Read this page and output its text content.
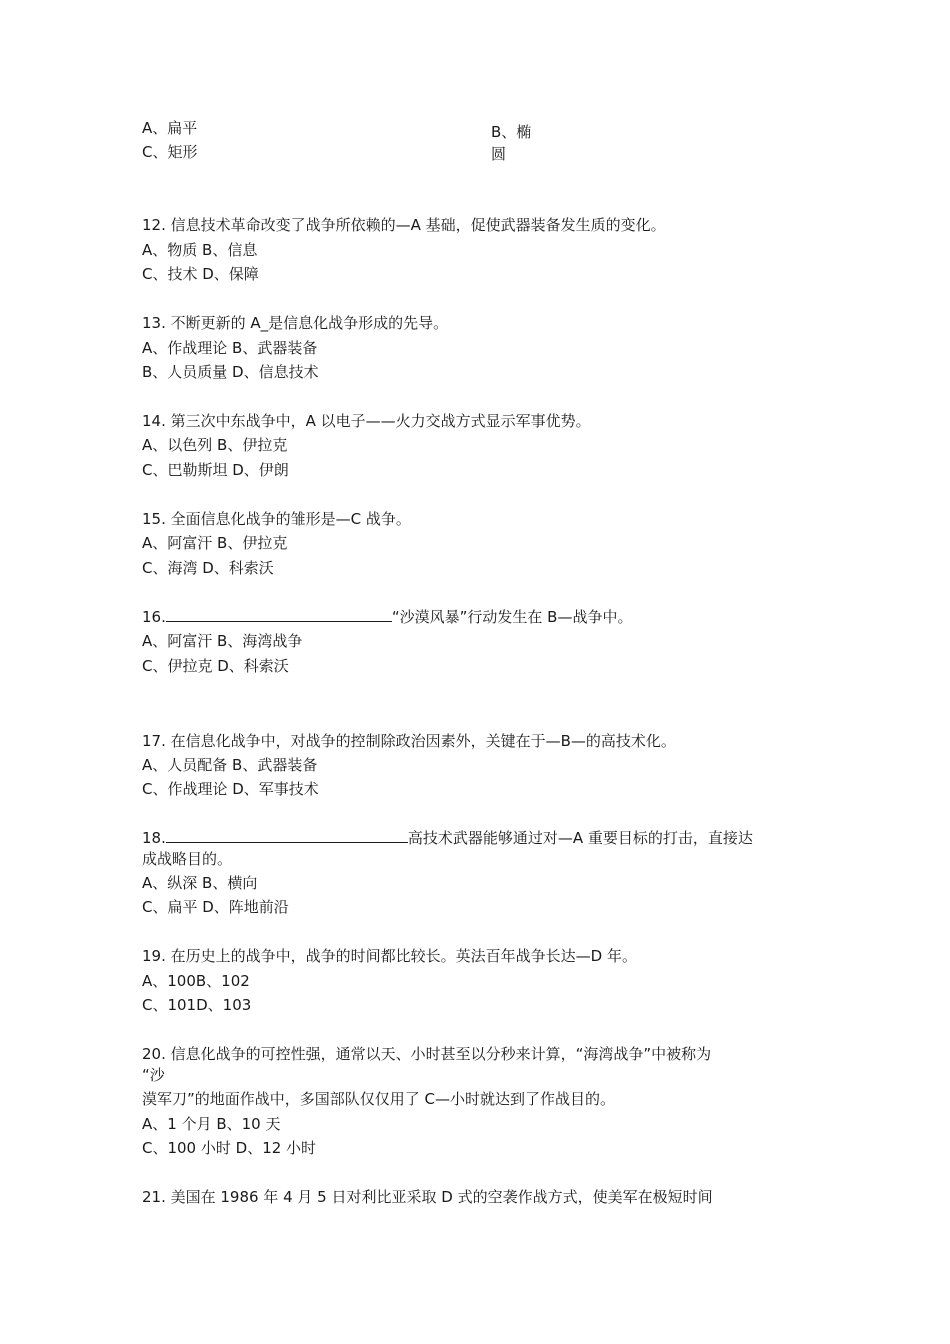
A、扁平
C、矩形
B、椭
圆
12. 信息技术革命改变了战争所依赖的—A 基础，促使武器装备发生质的变化。
A、物质 B、信息
C、技术 D、保障
13. 不断更新的 A_是信息化战争形成的先导。
A、作战理论 B、武器装备
B、人员质量 D、信息技术
14. 第三次中东战争中，A 以电子——火力交战方式显示军事优势。
A、以色列 B、伊拉克
C、巴勒斯坦 D、伊朗
15. 全面信息化战争的雏形是—C 战争。
A、阿富汗 B、伊拉克
C、海湾 D、科索沃
16.	“沙漠风暴”行动发生在 B—战争中。
A、阿富汗 B、海湾战争
C、伊拉克 D、科索沃
17. 在信息化战争中，对战争的控制除政治因素外，关键在于—B—的高技术化。
A、人员配备 B、武器装备
C、作战理论 D、军事技术
18.	高技术武器能够通过对—A 重要目标的打击，直接达
成战略目的。
A、纵深 B、横向
C、扁平 D、阵地前沿
19. 在历史上的战争中，战争的时间都比较长。英法百年战争长达—D 年。
A、100B、102
C、101D、103
20. 信息化战争的可控性强，通常以天、小时甚至以分秒来计算，“海湾战争”中被称为
“沙
漠军刀”的地面作战中，多国部队仅仅用了 C—小时就达到了作战目的。
A、1 个月 B、10 天
C、100 小时 D、12 小时
21. 美国在 1986 年 4 月 5 日对利比亚采取 D 式的空袭作战方式，使美军在极短时间
